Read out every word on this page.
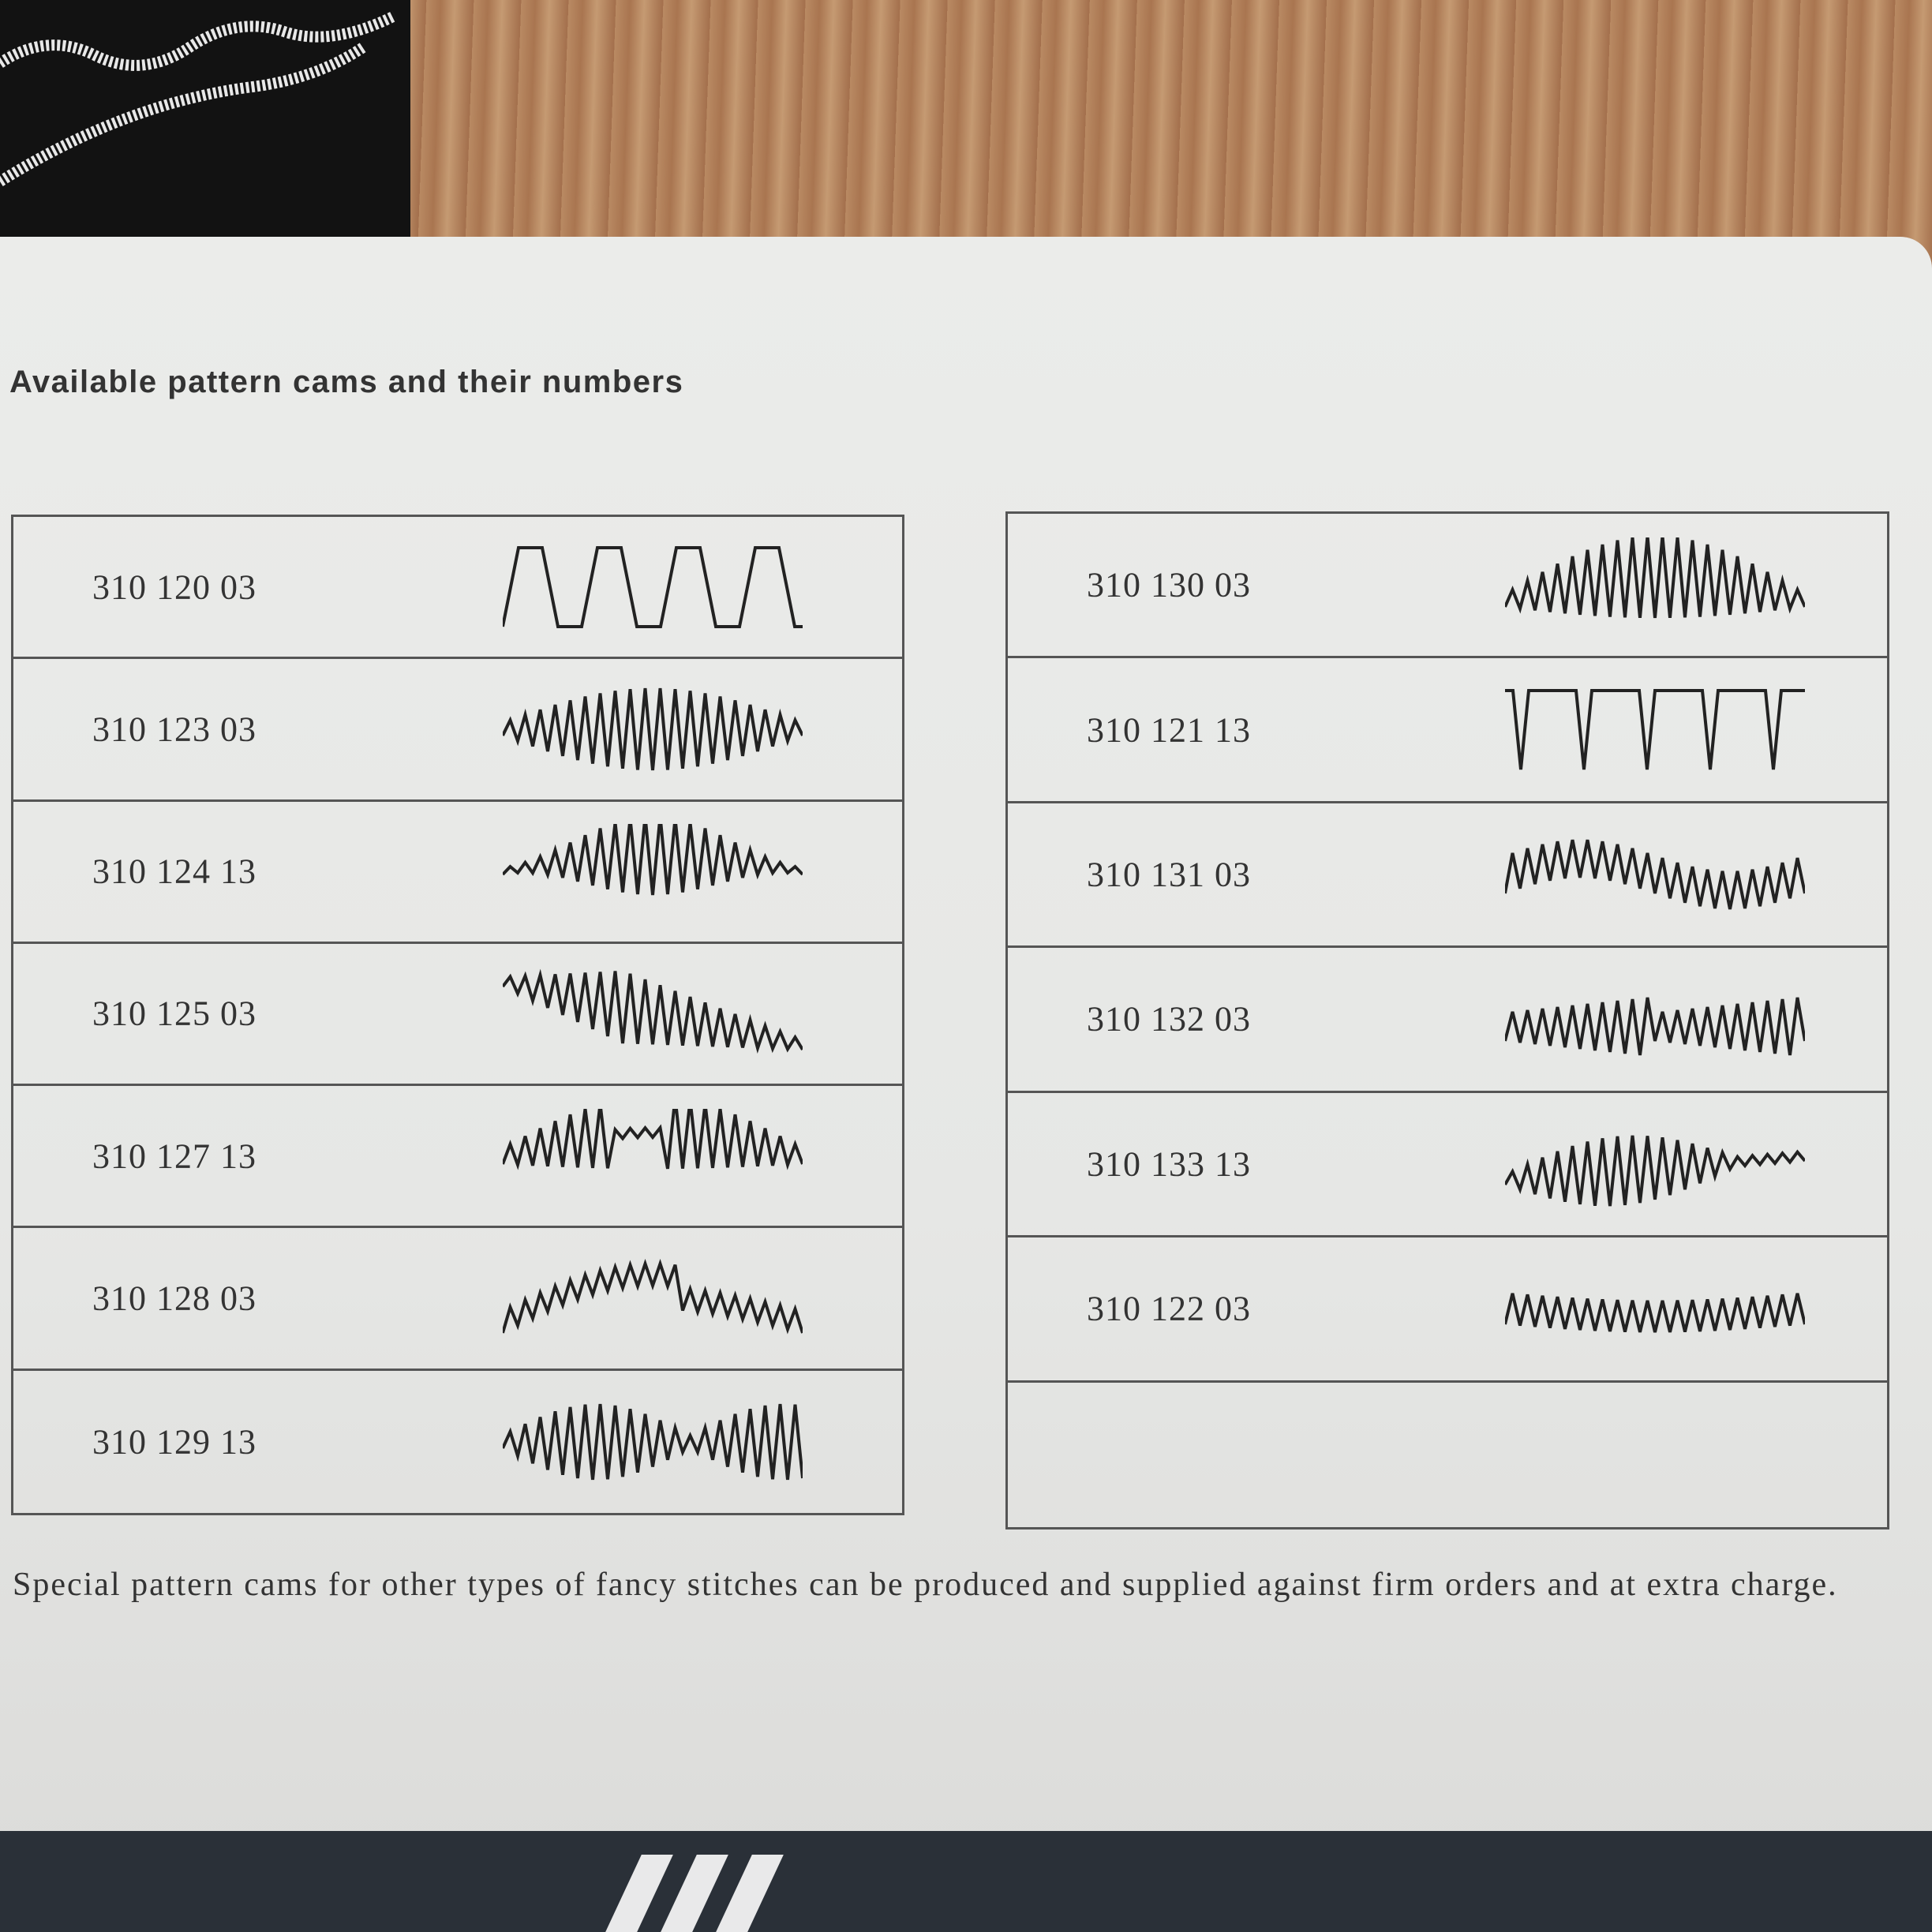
Available pattern cams and their numbers
310 120 03
310 123 03
310 124 13
310 125 03
310 127 13
310 128 03
310 129 13
310 130 03
310 121 13
310 131 03
310 132 03
310 133 13
310 122 03
Special pattern cams for other types of fancy stitches can be produced and supplied against firm orders and at extra charge.
